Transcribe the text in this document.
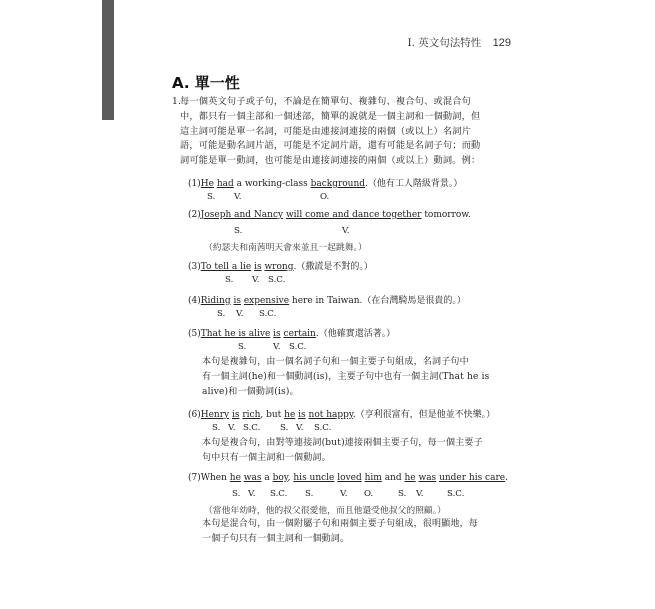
I. 英文句法特性 129
A. 單一性
1.
每一個英文句子或子句，不論是在簡單句、複雜句、複合句、或混合句
中，都只有一個主部和一個述部，簡單的說就是一個主詞和一個動詞，但
這主詞可能是單一名詞，可能是由連接詞連接的兩個（或以上）名詞片
語，可能是動名詞片語，可能是不定詞片語，還有可能是名詞子句；而動
詞可能是單一動詞，也可能是由連接詞連接的兩個（或以上）動詞。例：
(1)He had a working-class background.（他有工人階級背景。）
S. V.	O.
(2)Joseph and Nancy will come and dance together tomorrow.
S.	V.
（約瑟夫和南茜明天會來並且一起跳舞。）
(3)To tell a lie is wrong.（撒謊是不對的。）
S. V. S.C.
(4)Riding is expensive here in Taiwan.（在台灣騎馬是很貴的。）
S. V. S.C.
(5)That he is alive is certain.（他確實還活著。）
S.	V. S.C.
本句是複雜句，由一個名詞子句和一個主要子句組成，名詞子句中
有一個主詞(he)和一個動詞(is)，主要子句中也有一個主詞(That he is
alive)和一個動詞(is)。
(6)Henry is rich, but he is not happy.（亨利很富有，但是他並不快樂。）
S. V. S.C. S. V. S.C.
本句是複合句，由對等連接詞(but)連接兩個主要子句，每一個主要子
句中只有一個主詞和一個動詞。
(7)When he was a boy, his uncle loved him and he was under his care.
S. V. S.C. S.	V. O.	S. V.	S.C.
（當他年幼時，他的叔父很愛他，而且他還受他叔父的照顧。）
本句是混合句，由一個附屬子句和兩個主要子句組成，很明顯地，每
一個子句只有一個主詞和一個動詞。
